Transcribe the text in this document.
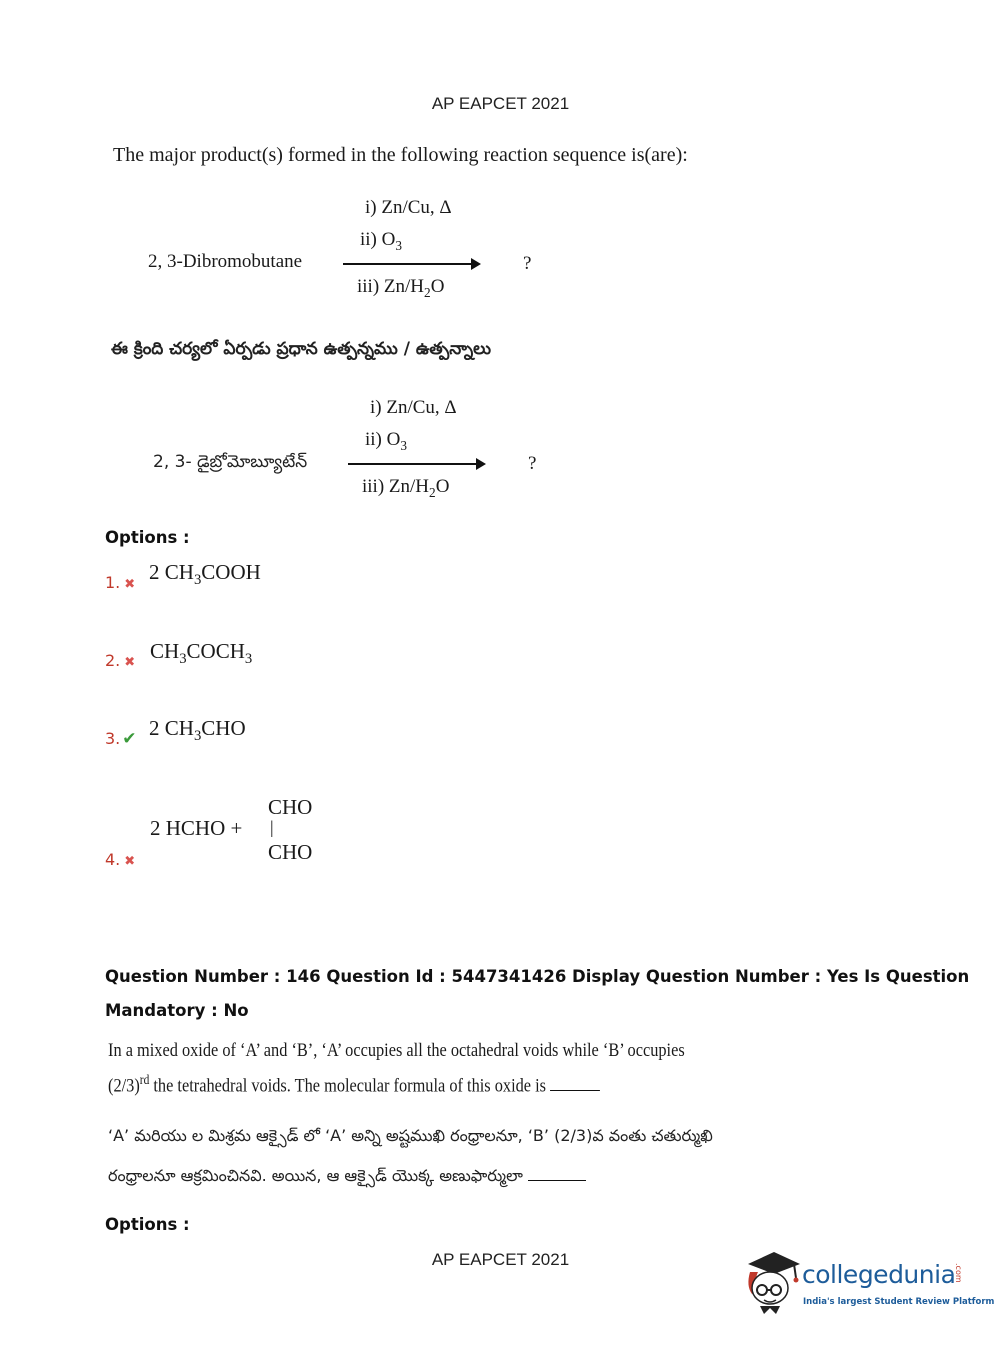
AP EAPCET 2021
The major product(s) formed in the following reaction sequence is(are):
i) Zn/Cu, Δ
ii) $O_3$
2, 3-Dibromobutane	?
iii) $Zn/H_2O$
ఈ క్రింది చర్యలో ఏర్పడు ప్రధాన ఉత్పన్నము / ఉత్పన్నాలు
i) Zn/Cu, Δ
ii) $O_3$
2, 3- డైబ్రోమోబ్యూటేన్	?
iii) $Zn/H_2O$
Options :
1. ✖
2 $CH_3COOH$
2. ✖ $CH_3COCH_3$
3. ✔ 2 $CH_3CHO$
4. ✖
2 HCHO +
CHO
|
CHO
Question Number : 146 Question Id : 5447341426 Display Question Number : Yes Is Question
Mandatory : No
In a mixed oxide of ‘A’ and ‘B’, ‘A’ occupies all the octahedral voids while ‘B’ occupies
$(2/3)^{rd}$ the tetrahedral voids. The molecular formula of this oxide is
‘A’ మరియు ల మిశ్రమ ఆక్సైడ్ లో ‘A’ అన్ని అష్టముఖి రంధ్రాలనూ, ‘B’ (2/3)వ వంతు చతుర్ముఖి
రంధ్రాలనూ ఆక్రమించినవి. అయిన, ఆ ఆక్సైడ్ యొక్క అణుఫార్ములా
Options :
AP EAPCET 2021
collegedunia
.com
India's largest Student Review Platform
